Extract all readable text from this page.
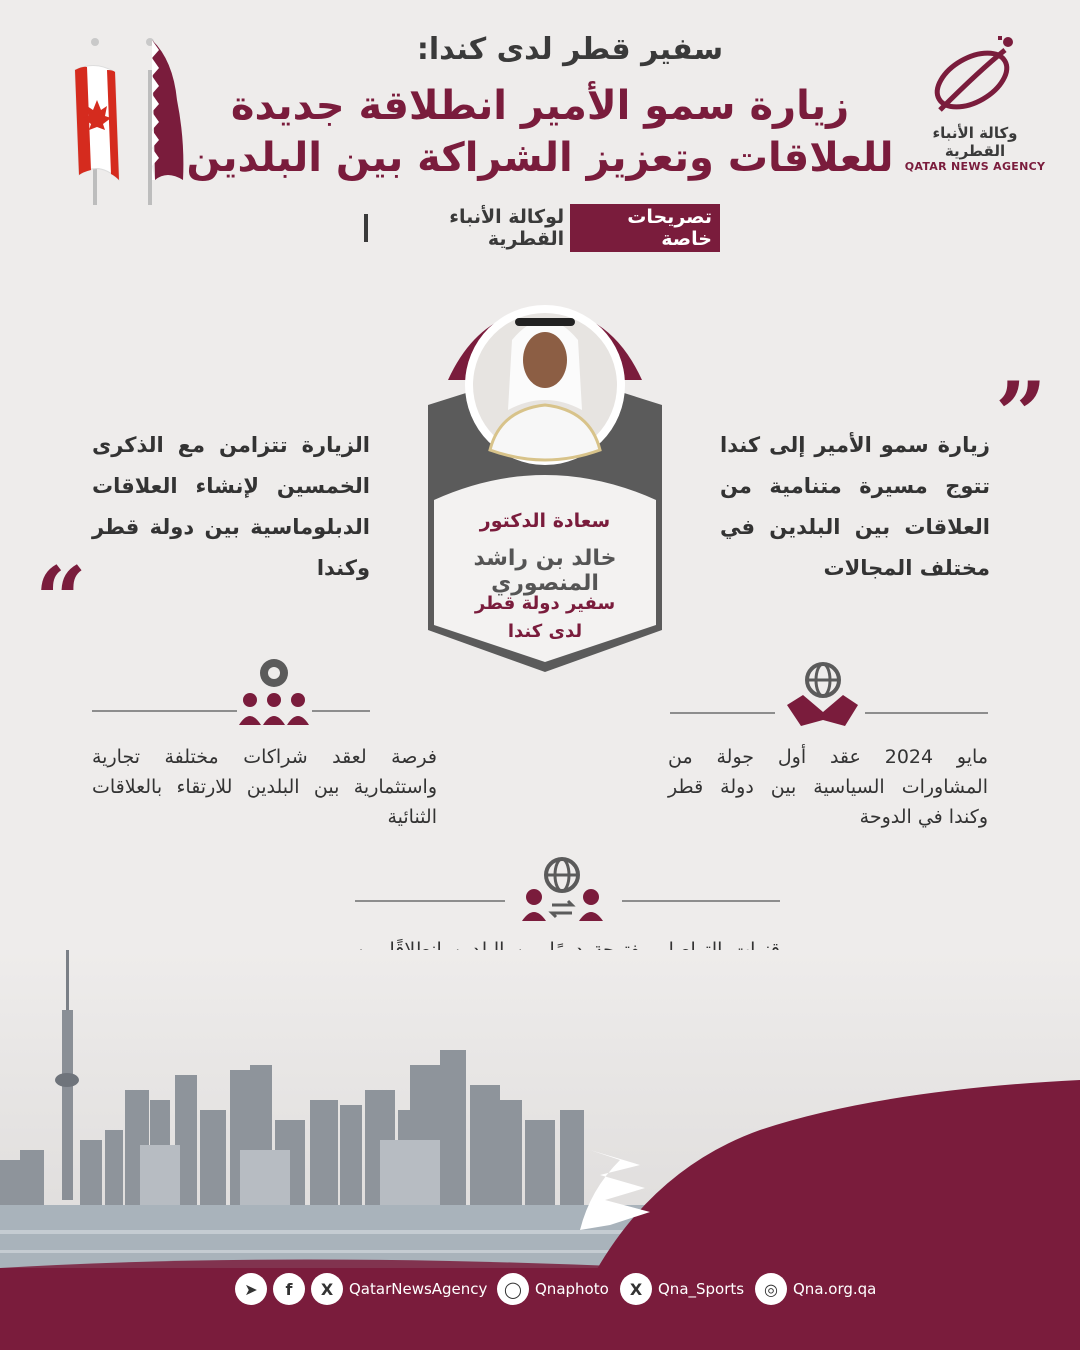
سفير قطر لدى كندا:
زيارة سمو الأمير انطلاقة جديدة
للعلاقات وتعزيز الشراكة بين البلدين
تصريحات خاصة
لوكالة الأنباء القطرية
وكالة الأنباء القطرية
QATAR NEWS AGENCY
سعادة الدكتور
خالد بن راشد المنصوري
سفير دولة قطر
لدى كندا
”
زيارة سمو الأمير إلى كندا تتوج مسيرة متنامية من العلاقات بين البلدين في مختلف المجالات
الزيارة تتزامن مع الذكرى الخمسين لإنشاء العلاقات الدبلوماسية بين دولة قطر وكندا
“
فرصة لعقد شراكات مختلفة تجارية واستثمارية بين البلدين للارتقاء بالعلاقات الثنائية
مايو 2024 عقد أول جولة من المشاورات السياسية بين دولة قطر وكندا في الدوحة
➤	f	X	QatarNewsAgency	◯ Qnaphoto	X	Qna_Sports	◎	Qna.org.qa
